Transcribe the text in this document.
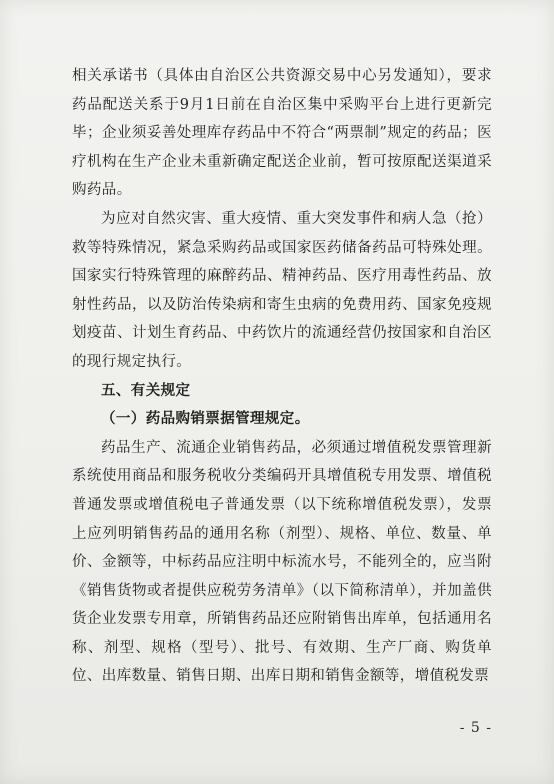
相关承诺书（具体由自治区公共资源交易中心另发通知），要求药品配送关系于9月1日前在自治区集中采购平台上进行更新完毕；企业须妥善处理库存药品中不符合“两票制”规定的药品；医疗机构在生产企业未重新确定配送企业前，暂可按原配送渠道采购药品。

为应对自然灾害、重大疫情、重大突发事件和病人急（抢）救等特殊情况，紧急采购药品或国家医药储备药品可特殊处理。国家实行特殊管理的麻醉药品、精神药品、医疗用毒性药品、放射性药品，以及防治传染病和寄生虫病的免费用药、国家免疫规划疫苗、计划生育药品、中药饮片的流通经营仍按国家和自治区的现行规定执行。

五、有关规定

（一）药品购销票据管理规定。

药品生产、流通企业销售药品，必须通过增值税发票管理新系统使用商品和服务税收分类编码开具增值税专用发票、增值税普通发票或增值税电子普通发票（以下统称增值税发票），发票上应列明销售药品的通用名称（剂型）、规格、单位、数量、单价、金额等，中标药品应注明中标流水号，不能列全的，应当附《销售货物或者提供应税劳务清单》（以下简称清单），并加盖供货企业发票专用章，所销售药品还应附销售出库单，包括通用名称、剂型、规格（型号）、批号、有效期、生产厂商、购货单位、出库数量、销售日期、出库日期和销售金额等，增值税发票

- 5 -
